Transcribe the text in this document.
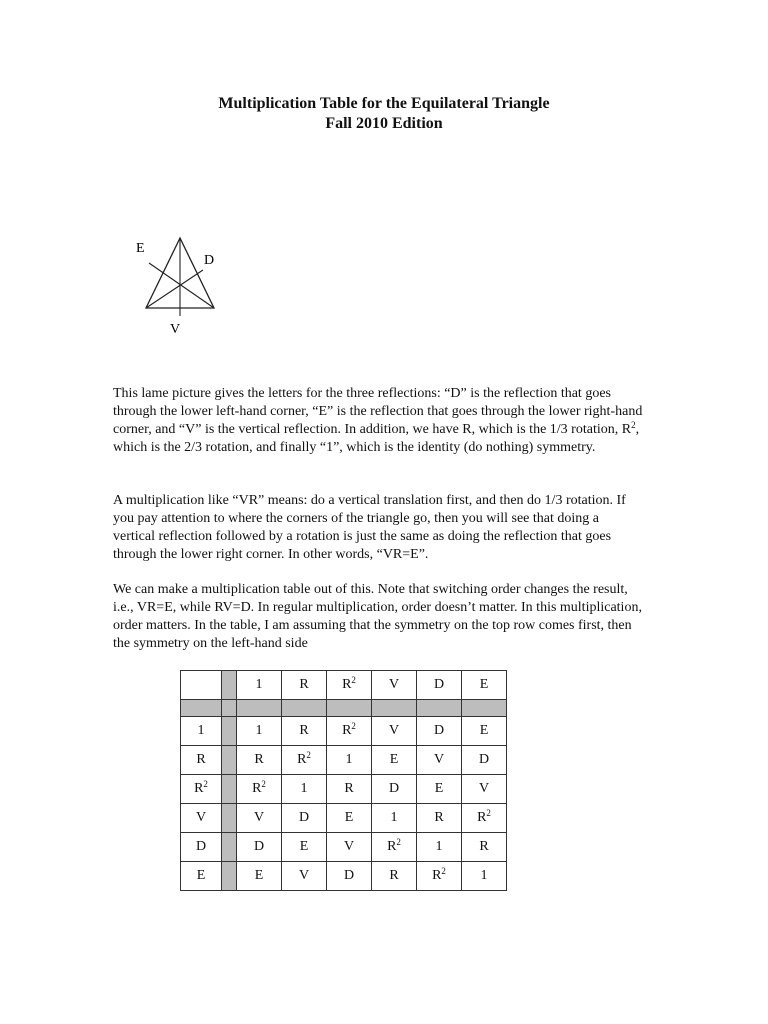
Multiplication Table for the Equilateral Triangle
Fall 2010 Edition
E
D
V

This lame picture gives the letters for the three reflections: “D” is the reflection that goes through the lower left-hand corner, “E” is the reflection that goes through the lower right-hand corner, and “V” is the vertical reflection. In addition, we have R, which is the 1/3 rotation, $R^2$, which is the 2/3 rotation, and finally “1”, which is the identity (do nothing) symmetry.

A multiplication like “VR” means: do a vertical translation first, and then do 1/3 rotation. If you pay attention to where the corners of the triangle go, then you will see that doing a vertical reflection followed by a rotation is just the same as doing the reflection that goes through the lower right corner. In other words, “VR=E”.

We can make a multiplication table out of this. Note that switching order changes the result, i.e., VR=E, while RV=D. In regular multiplication, order doesn’t matter. In this multiplication, order matters. In the table, I am assuming that the symmetry on the top row comes first, then the symmetry on the left-hand side

		1	R	$R^2$	V	D	E

1		1	R	$R^2$	V	D	E
R		R	$R^2$	1	E	V	D
$R^2$		$R^2$	1	R	D	E	V
V		V	D	E	1	R	$R^2$
D		D	E	V	$R^2$	1	R
E		E	V	D	R	$R^2$	1
